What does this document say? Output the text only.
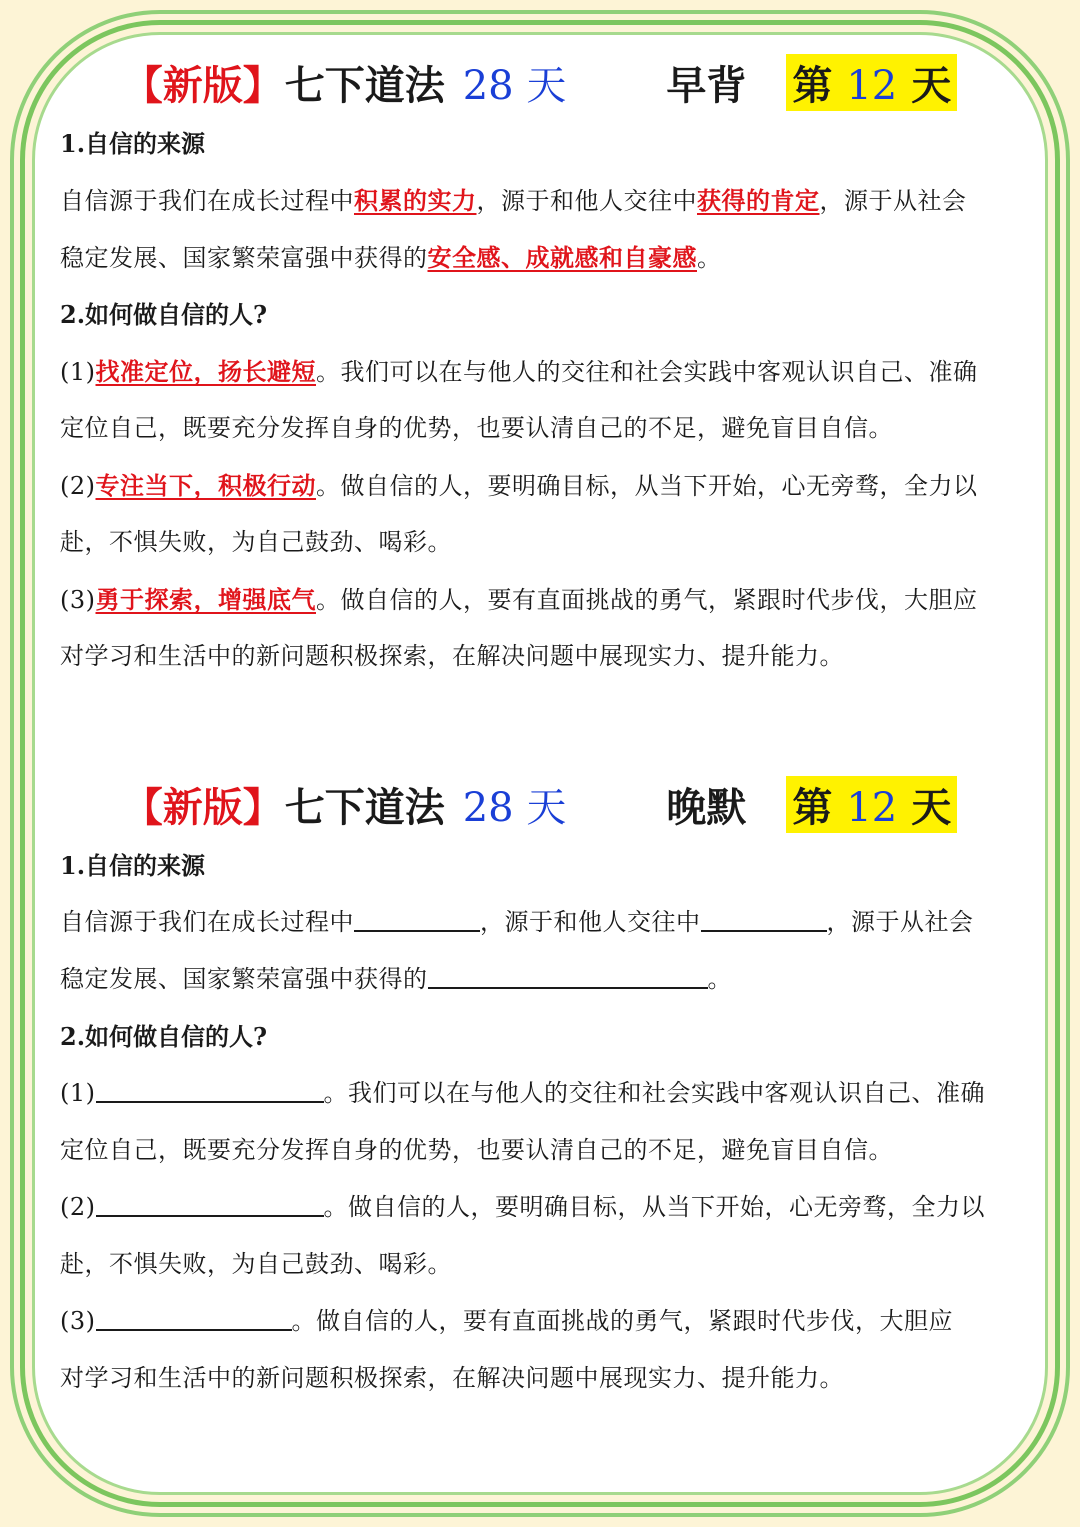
【新版】 七下道法 28 天	早背 第 12 天
1.自信的来源
自信源于我们在成长过程中积累的实力，源于和他人交往中获得的肯定，源于从社会
稳定发展、国家繁荣富强中获得的安全感、成就感和自豪感。
2.如何做自信的人?
(1)找准定位，扬长避短。我们可以在与他人的交往和社会实践中客观认识自己、准确
定位自己，既要充分发挥自身的优势，也要认清自己的不足，避免盲目自信。
(2)专注当下，积极行动。做自信的人，要明确目标，从当下开始，心无旁骛，全力以
赴，不惧失败，为自己鼓劲、喝彩。
(3)勇于探索，增强底气。做自信的人，要有直面挑战的勇气，紧跟时代步伐，大胆应
对学习和生活中的新问题积极探索，在解决问题中展现实力、提升能力。
【新版】 七下道法 28 天	晚默 第 12 天
1.自信的来源
自信源于我们在成长过程中	，源于和他人交往中	，源于从社会
稳定发展、国家繁荣富强中获得的	。
2.如何做自信的人?
(1)	。我们可以在与他人的交往和社会实践中客观认识自己、准确
定位自己，既要充分发挥自身的优势，也要认清自己的不足，避免盲目自信。
(2)	。做自信的人，要明确目标，从当下开始，心无旁骛，全力以
赴，不惧失败，为自己鼓劲、喝彩。
(3)	。做自信的人，要有直面挑战的勇气，紧跟时代步伐，大胆应
对学习和生活中的新问题积极探索，在解决问题中展现实力、提升能力。
